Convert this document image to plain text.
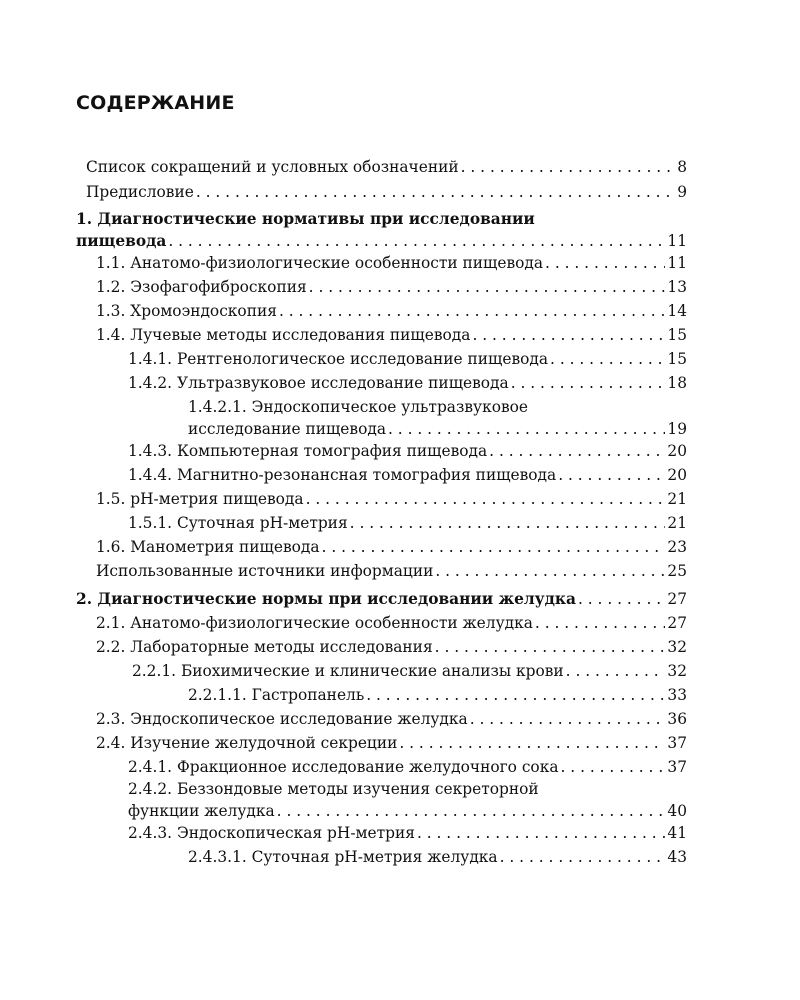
СОДЕРЖАНИЕ
Список сокращений и условных обозначений . . .	8
Предисловие . . .	9
1. Диагностические нормативы при исследовании
пищевода . . .	11
1.1. Анатомо-физиологические особенности пищевода . . .	11
1.2. Эзофагофиброскопия . . .	13
1.3. Хромоэндоскопия . . .	14
1.4. Лучевые методы исследования пищевода . . .	15
1.4.1. Рентгенологическое исследование пищевода . . .	15
1.4.2. Ультразвуковое исследование пищевода . . .	18
1.4.2.1. Эндоскопическое ультразвуковое
исследование пищевода . . .	19
1.4.3. Компьютерная томография пищевода . . .	20
1.4.4. Магнитно-резонансная томография пищевода . . .	20
1.5. pH-метрия пищевода . . .	21
1.5.1. Суточная pH-метрия . . .	21
1.6. Манометрия пищевода . . .	23
Использованные источники информации . . .	25
2. Диагностические нормы при исследовании желудка . . .	27
2.1. Анатомо-физиологические особенности желудка . . .	27
2.2. Лабораторные методы исследования . . .	32
2.2.1. Биохимические и клинические анализы крови . . .	32
2.2.1.1. Гастропанель . . .	33
2.3. Эндоскопическое исследование желудка . . .	36
2.4. Изучение желудочной секреции . . .	37
2.4.1. Фракционное исследование желудочного сока . . .	37
2.4.2. Беззондовые методы изучения секреторной
функции желудка . . .	40
2.4.3. Эндоскопическая pH-метрия . . .	41
2.4.3.1. Суточная pH-метрия желудка . . .	43
